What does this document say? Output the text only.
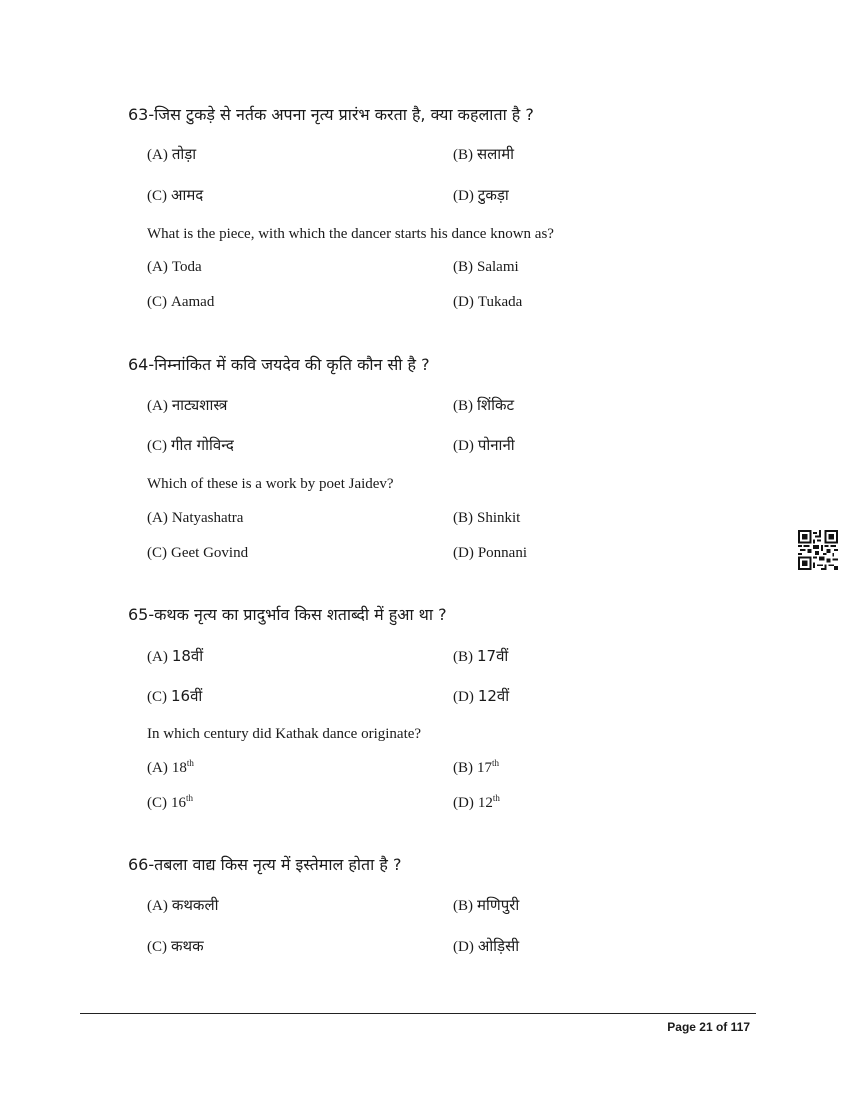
63-जिस टुकड़े से नर्तक अपना नृत्य प्रारंभ करता है, क्या कहलाता है ?
(A) तोड़ा	(B) सलामी
(C) आमद	(D) टुकड़ा
What is the piece, with which the dancer starts his dance known as?
(A) Toda	(B) Salami
(C) Aamad	(D) Tukada
64-निम्नांकित में कवि जयदेव की कृति कौन सी है ?
(A) नाट्यशास्त्र	(B) शिंकिट
(C) गीत गोविन्द	(D) पोनानी
Which of these is a work by poet Jaidev?
(A) Natyashatra	(B) Shinkit
(C) Geet Govind	(D) Ponnani
65-कथक नृत्य का प्रादुर्भाव किस शताब्दी में हुआ था ?
(A) 18वीं	(B) 17वीं
(C) 16वीं	(D) 12वीं
In which century did Kathak dance originate?
(A) 18th	(B) 17th
(C) 16th	(D) 12th
66-तबला वाद्य किस नृत्य में इस्तेमाल होता है ?
(A) कथकली	(B) मणिपुरी
(C) कथक	(D) ओड़िसी
Page 21 of 117
